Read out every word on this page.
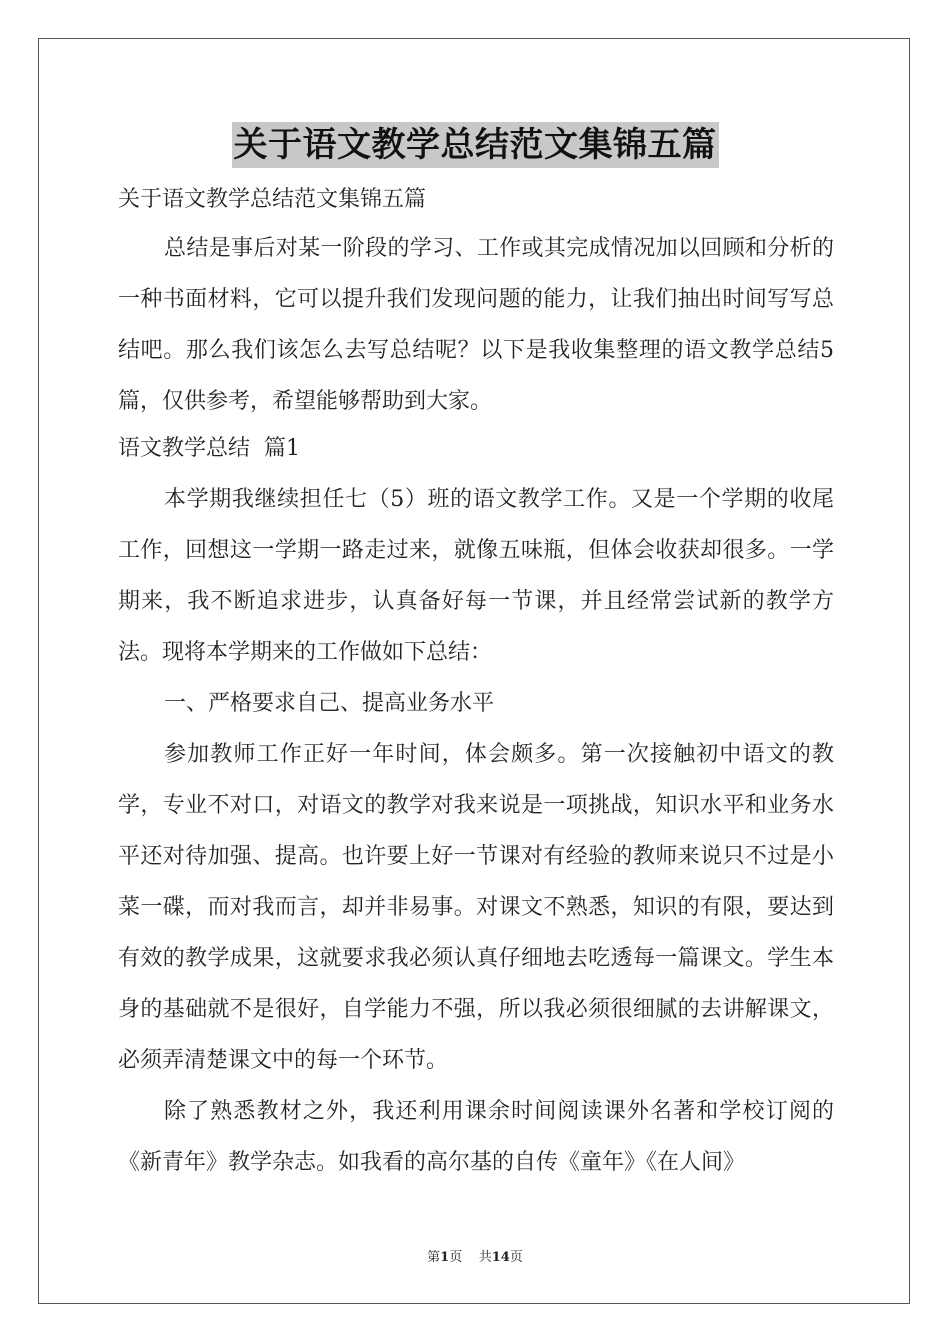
关于语文教学总结范文集锦五篇
关于语文教学总结范文集锦五篇
总结是事后对某一阶段的学习、工作或其完成情况加以回顾和分析的一种书面材料，它可以提升我们发现问题的能力，让我们抽出时间写写总结吧。那么我们该怎么去写总结呢？以下是我收集整理的语文教学总结5篇，仅供参考，希望能够帮助到大家。
语文教学总结  篇1
本学期我继续担任七（5）班的语文教学工作。又是一个学期的收尾工作，回想这一学期一路走过来，就像五味瓶，但体会收获却很多。一学期来，我不断追求进步，认真备好每一节课，并且经常尝试新的教学方法。现将本学期来的工作做如下总结：
一、严格要求自己、提高业务水平
参加教师工作正好一年时间，体会颇多。第一次接触初中语文的教学，专业不对口，对语文的教学对我来说是一项挑战，知识水平和业务水平还对待加强、提高。也许要上好一节课对有经验的教师来说只不过是小菜一碟，而对我而言，却并非易事。对课文不熟悉，知识的有限，要达到有效的教学成果，这就要求我必须认真仔细地去吃透每一篇课文。学生本身的基础就不是很好，自学能力不强，所以我必须很细腻的去讲解课文，必须弄清楚课文中的每一个环节。
除了熟悉教材之外，我还利用课余时间阅读课外名著和学校订阅的《新青年》教学杂志。如我看的高尔基的自传《童年》《在人间》
第1页 共14页
